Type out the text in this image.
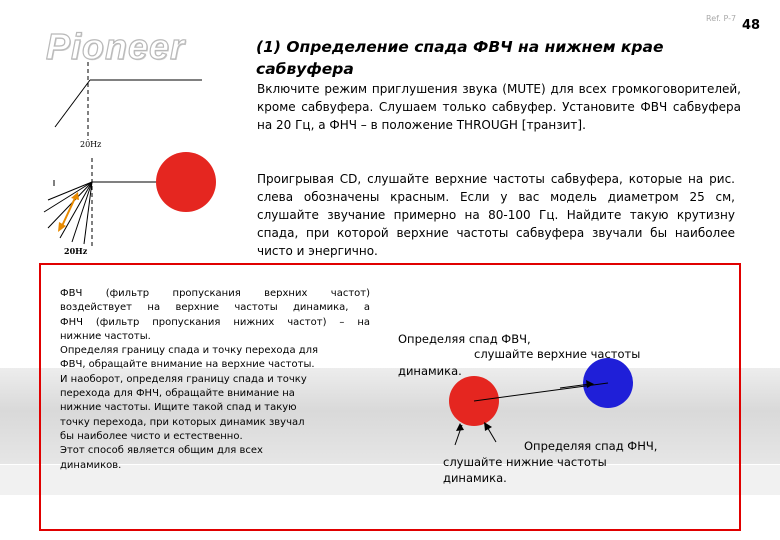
Pioneer
Ref. P-7 48
(1) Определение спада ФВЧ на нижнем крае сабвуфера
Включите режим приглушения звука (MUTE) для всех громкоговорителей, кроме сабвуфера. Слушаем только сабвуфер. Установите ФВЧ сабвуфера на 20 Гц, а ФНЧ – в положение THROUGH [транзит].
Проигрывая CD, слушайте верхние частоты сабвуфера, которые на рис. слева обозначены красным. Если у вас модель диаметром 25 см, слушайте звучание примерно на 80-100 Гц. Найдите такую крутизну спада, при которой верхние частоты сабвуфера звучали бы наиболее чисто и энергично.
20Hz
20Hz
ФВЧ (фильтр пропускания верхних частот)
воздействует на верхние частоты динамика, а
ФНЧ (фильтр пропускания нижних частот) – на
нижние частоты.
Определяя границу спада и точку перехода для
ФВЧ, обращайте внимание на верхние частоты.
И наоборот, определяя границу спада и точку
перехода для ФНЧ, обращайте внимание на
нижние частоты. Ищите такой спад и такую
точку перехода, при которых динамик звучал
бы наиболее чисто и естественно.
Этот способ является общим для всех
динамиков.
Определяя спад ФВЧ,
слушайте верхние частоты
динамика.
Определяя спад ФНЧ,
слушайте нижние частоты
динамика.
